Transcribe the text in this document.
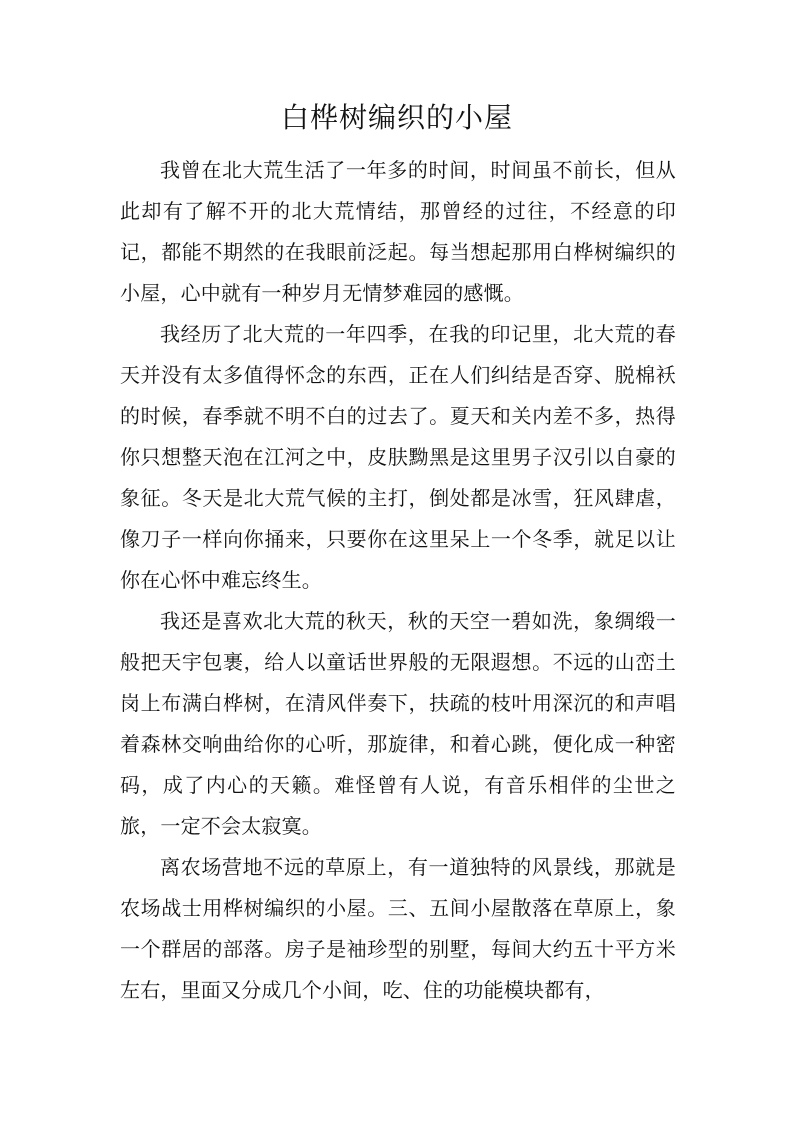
白桦树编织的小屋

我曾在北大荒生活了一年多的时间，时间虽不前长，但从此却有了解不开的北大荒情结，那曾经的过往，不经意的印记，都能不期然的在我眼前泛起。每当想起那用白桦树编织的小屋，心中就有一种岁月无情梦难园的感慨。

我经历了北大荒的一年四季，在我的印记里，北大荒的春天并没有太多值得怀念的东西，正在人们纠结是否穿、脱棉袄的时候，春季就不明不白的过去了。夏天和关内差不多，热得你只想整天泡在江河之中，皮肤黝黑是这里男子汉引以自豪的象征。冬天是北大荒气候的主打，倒处都是冰雪，狂风肆虐，像刀子一样向你捅来，只要你在这里呆上一个冬季，就足以让你在心怀中难忘终生。

我还是喜欢北大荒的秋天，秋的天空一碧如洗，象绸缎一般把天宇包裹，给人以童话世界般的无限遐想。不远的山峦土岗上布满白桦树，在清风伴奏下，扶疏的枝叶用深沉的和声唱着森林交响曲给你的心听，那旋律，和着心跳，便化成一种密码，成了内心的天籁。难怪曾有人说，有音乐相伴的尘世之旅，一定不会太寂寞。

离农场营地不远的草原上，有一道独特的风景线，那就是农场战士用桦树编织的小屋。三、五间小屋散落在草原上，象一个群居的部落。房子是袖珍型的别墅，每间大约五十平方米左右，里面又分成几个小间，吃、住的功能模块都有，
